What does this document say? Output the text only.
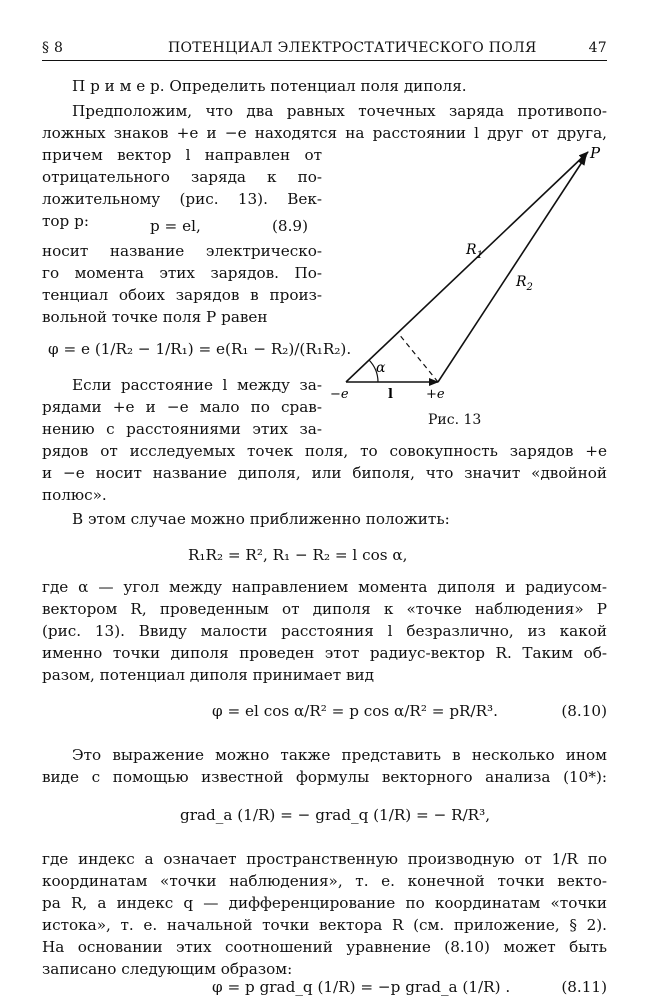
§ 8	ПОТЕНЦИАЛ ЭЛЕКТРОСТАТИЧЕСКОГО ПОЛЯ	47
П р и м е р. Определить потенциал поля диполя.
Предположим, что два равных точечных заряда противопо-
ложных знаков +e и −e находятся на расстоянии l друг от друга,
причем вектор l направлен от
отрицательного заряда к по-
ложительному (рис. 13). Век-
тор p:	p = el,	(8.9)
носит название электрическо-
го момента этих зарядов. По-
тенциал обоих зарядов в произ-
вольной точке поля P равен
φ = e (1/R₂ − 1/R₁) = e(R₁ − R₂)/(R₁R₂).
Если расстояние l между за-
рядами +e и −e мало по срав-
нению с расстояниями этих за-
рядов от исследуемых точек поля, то совокупность зарядов +e
и −e носит название диполя, или биполя, что значит «двойной
полюс».
В этом случае можно приближенно положить:
R₁R₂ = R², R₁ − R₂ = l cos α,
где α — угол между направлением момента диполя и радиусом-
вектором R, проведенным от диполя к «точке наблюдения» P
(рис. 13). Ввиду малости расстояния l безразлично, из какой
именно точки диполя проведен этот радиус-вектор R. Таким об-
разом, потенциал диполя принимает вид
φ = el cos α/R² = p cos α/R² = pR/R³.	(8.10)
Это выражение можно также представить в несколько ином
виде с помощью известной формулы векторного анализа (10*):
grad_a (1/R) = − grad_q (1/R) = − R/R³,
где индекс a означает пространственную производную от 1/R по
координатам «точки наблюдения», т. е. конечной точки векто-
ра R, а индекс q — дифференцирование по координатам «точки
истока», т. е. начальной точки вектора R (см. приложение, § 2).
На основании этих соотношений уравнение (8.10) может быть
записано следующим образом:
φ = p grad_q (1/R) = −p grad_a (1/R) .	(8.11)
P
$R_1$
$R_2$
α
−e	l	+e
Рис. 13
